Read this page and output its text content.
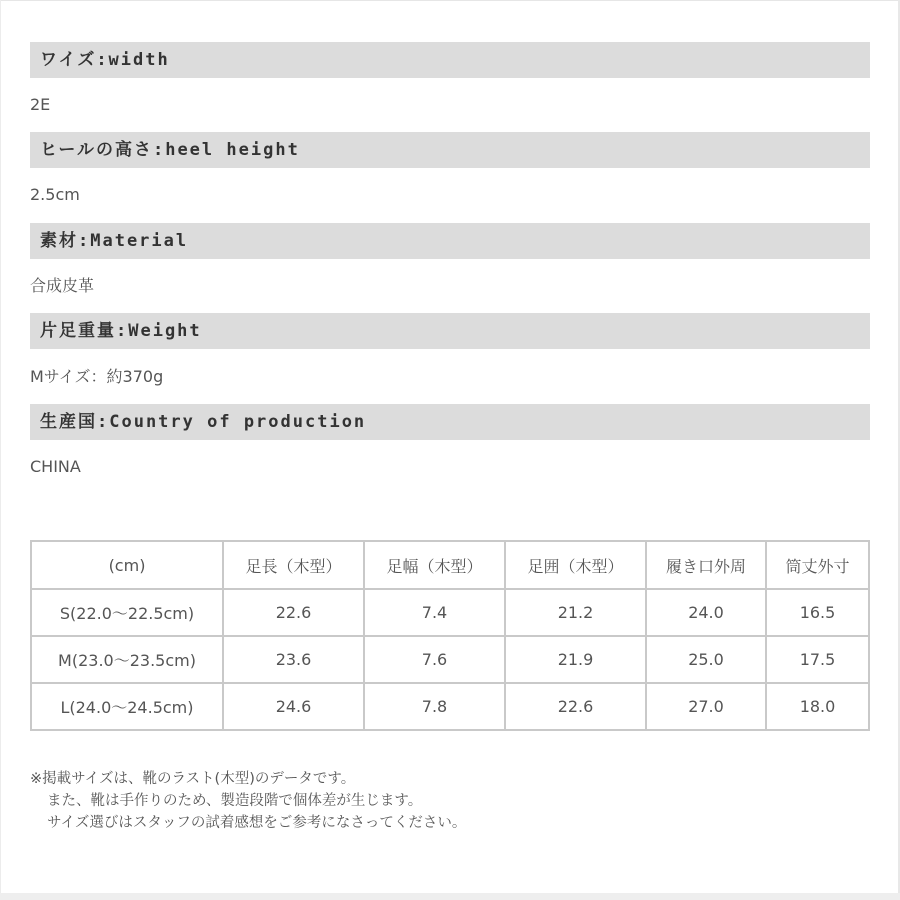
ワイズ:width
2E
ヒールの高さ:heel height
2.5cm
素材:Material
合成皮革
片足重量:Weight
Mサイズ：約370g
生産国:Country of production
CHINA
(cm)	足長（木型）	足幅（木型）	足囲（木型）	履き口外周	筒丈外寸
S(22.0～22.5cm)	22.6	7.4	21.2	24.0	16.5
M(23.0～23.5cm)	23.6	7.6	21.9	25.0	17.5
L(24.0～24.5cm)	24.6	7.8	22.6	27.0	18.0
※掲載サイズは、靴のラスト(木型)のデータです。
また、靴は手作りのため、製造段階で個体差が生じます。
サイズ選びはスタッフの試着感想をご参考になさってください。
